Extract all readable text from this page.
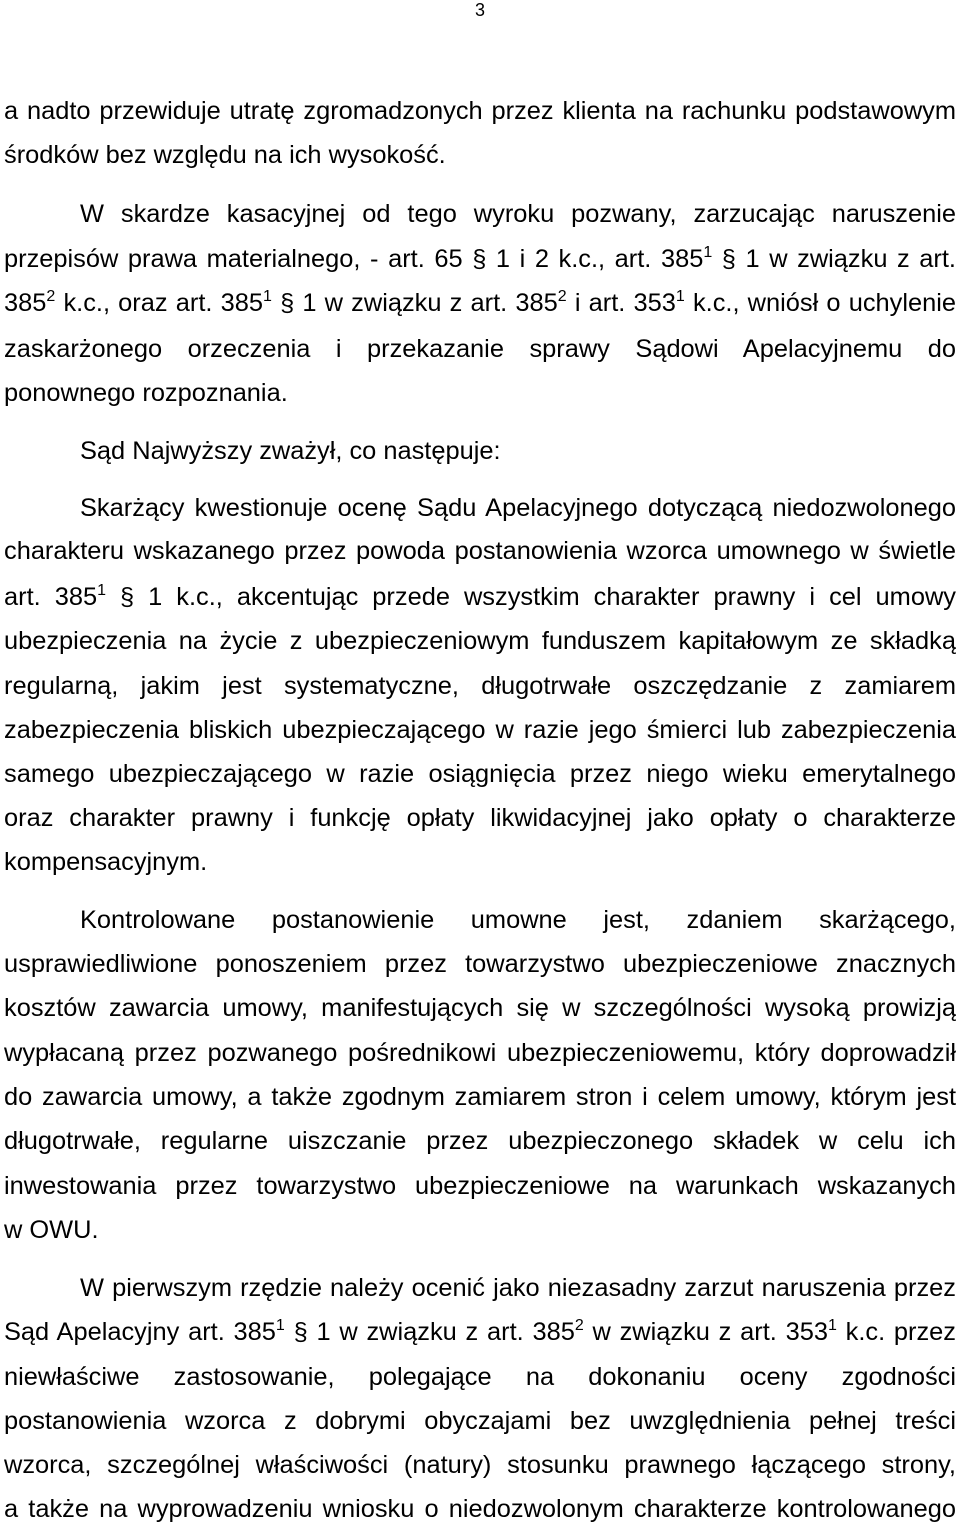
3
a nadto przewiduje utratę zgromadzonych przez klienta na rachunku podstawowym
środków bez względu na ich wysokość.
W skardze kasacyjnej od tego wyroku pozwany, zarzucając naruszenie
przepisów prawa materialnego, - art. 65 § 1 i 2 k.c., art. $385^1$ § 1 w związku z art.
$385^2$ k.c., oraz art. $385^1$ § 1 w związku z art. $385^2$ i art. $353^1$ k.c., wniósł o uchylenie
zaskarżonego orzeczenia i przekazanie sprawy Sądowi Apelacyjnemu do
ponownego rozpoznania.
Sąd Najwyższy zważył, co następuje:
Skarżący kwestionuje ocenę Sądu Apelacyjnego dotyczącą niedozwolonego
charakteru wskazanego przez powoda postanowienia wzorca umownego w świetle
art. $385^1$ § 1 k.c., akcentując przede wszystkim charakter prawny i cel umowy
ubezpieczenia na życie z ubezpieczeniowym funduszem kapitałowym ze składką
regularną, jakim jest systematyczne, długotrwałe oszczędzanie z zamiarem
zabezpieczenia bliskich ubezpieczającego w razie jego śmierci lub zabezpieczenia
samego ubezpieczającego w razie osiągnięcia przez niego wieku emerytalnego
oraz charakter prawny i funkcję opłaty likwidacyjnej jako opłaty o charakterze
kompensacyjnym.
Kontrolowane postanowienie umowne jest, zdaniem skarżącego,
usprawiedliwione ponoszeniem przez towarzystwo ubezpieczeniowe znacznych
kosztów zawarcia umowy, manifestujących się w szczególności wysoką prowizją
wypłacaną przez pozwanego pośrednikowi ubezpieczeniowemu, który doprowadził
do zawarcia umowy, a także zgodnym zamiarem stron i celem umowy, którym jest
długotrwałe, regularne uiszczanie przez ubezpieczonego składek w celu ich
inwestowania przez towarzystwo ubezpieczeniowe na warunkach wskazanych
w OWU.
W pierwszym rzędzie należy ocenić jako niezasadny zarzut naruszenia przez
Sąd Apelacyjny art. $385^1$ § 1 w związku z art. $385^2$ w związku z art. $353^1$ k.c. przez
niewłaściwe zastosowanie, polegające na dokonaniu oceny zgodności
postanowienia wzorca z dobrymi obyczajami bez uwzględnienia pełnej treści
wzorca, szczególnej właściwości (natury) stosunku prawnego łączącego strony,
a także na wyprowadzeniu wniosku o niedozwolonym charakterze kontrolowanego
